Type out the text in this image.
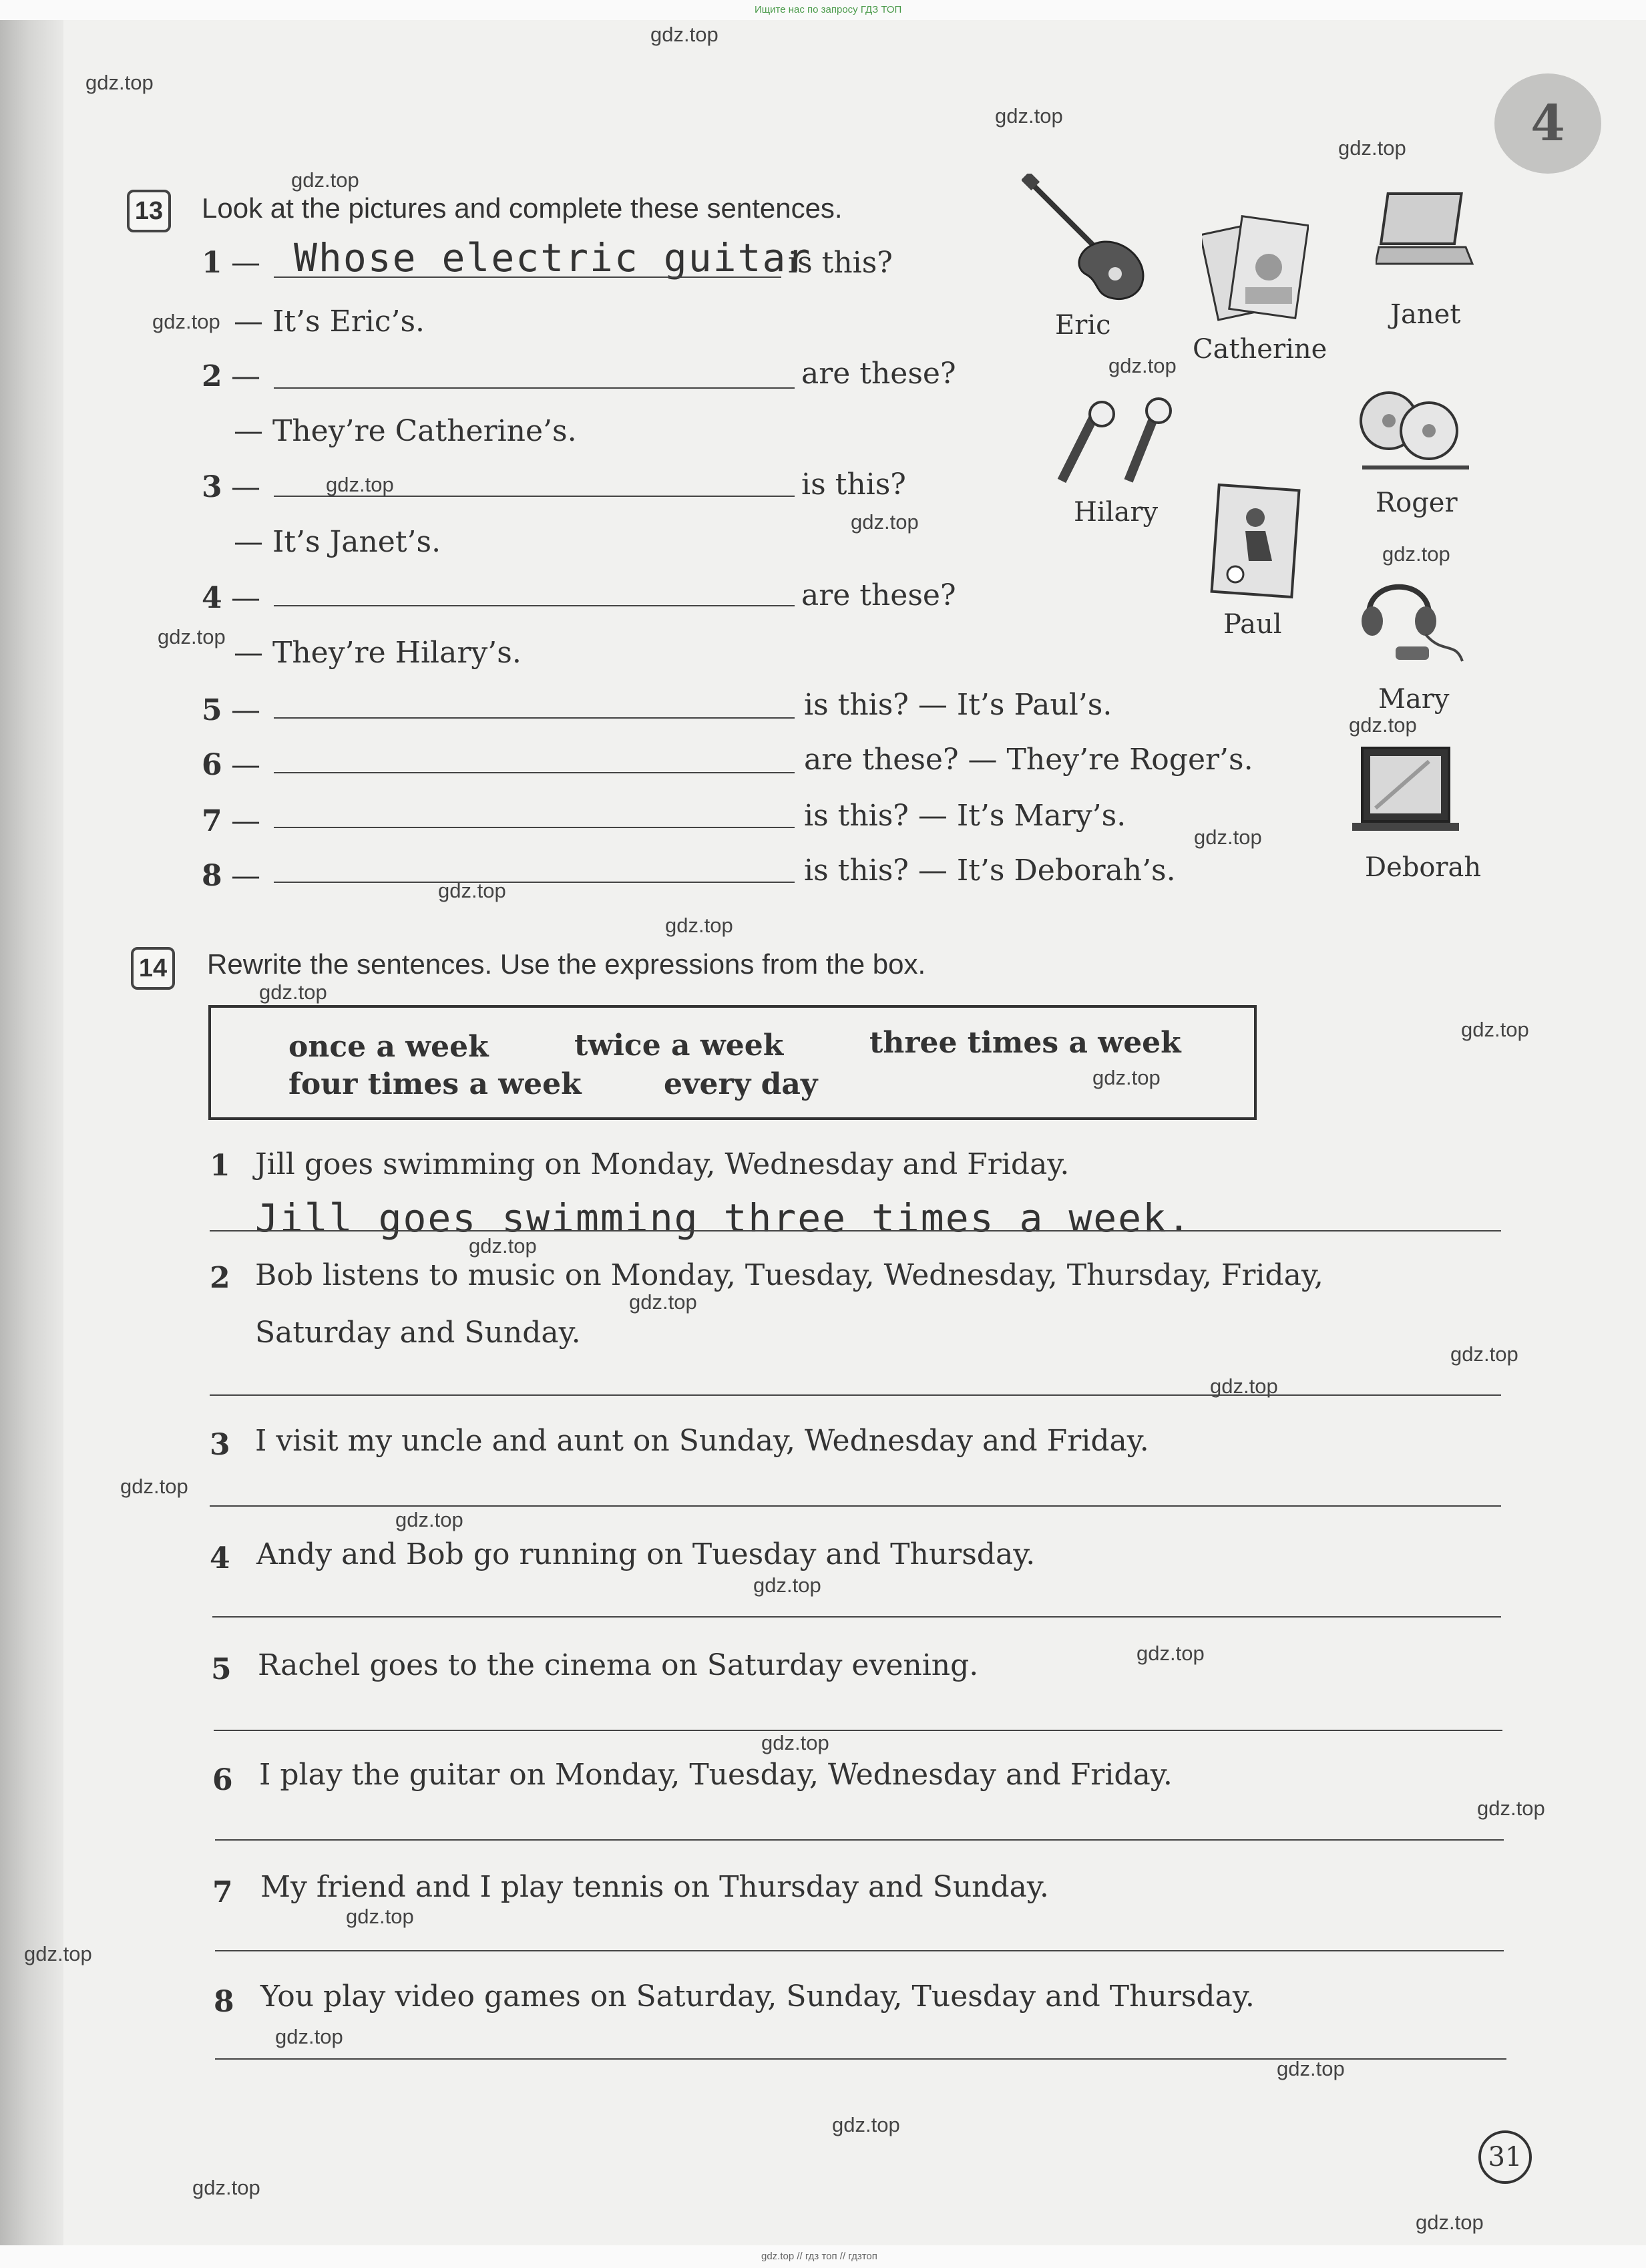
Ищите нас по запросу ГДЗ ТОП
gdz.top // гдз топ // гдзтоп
4
13 Look at the pictures and complete these sentences.
1 — Whose electric guitar
is this?
— It’s Eric’s.
2 —	are these?
— They’re Catherine’s.
3 —	is this?
— It’s Janet’s.
4 —	are these?
— They’re Hilary’s.
5 —	is this? — It’s Paul’s.
6 —	are these? — They’re Roger’s.
7 —	is this? — It’s Mary’s.
8 —	is this? — It’s Deborah’s.
Eric
Catherine
Janet
Hilary	Roger
Paul
Mary
Deborah
14 Rewrite the sentences. Use the expressions from the box.
once a week	twice a week	three times a week
four times a week	every day
1 Jill goes swimming on Monday, Wednesday and Friday.
Jill goes swimming three times a week.
2 Bob listens to music on Monday, Tuesday, Wednesday, Thursday, Friday,
Saturday and Sunday.
3 I visit my uncle and aunt on Sunday, Wednesday and Friday.
4 Andy and Bob go running on Tuesday and Thursday.
5 Rachel goes to the cinema on Saturday evening.
6 I play the guitar on Monday, Tuesday, Wednesday and Friday.
7 My friend and I play tennis on Thursday and Sunday.
8 You play video games on Saturday, Sunday, Tuesday and Thursday.
31
gdz.top
gdz.top
gdz.top
gdz.top
gdz.top
gdz.top
gdz.top
gdz.top
gdz.top
gdz.top
gdz.top
gdz.top
gdz.top
gdz.top
gdz.top
gdz.top
gdz.top
gdz.top
gdz.top
gdz.top
gdz.top
gdz.top
gdz.top
gdz.top
gdz.top
gdz.top
gdz.top
gdz.top
gdz.top
gdz.top
gdz.top
gdz.top
gdz.top
gdz.top
gdz.top
